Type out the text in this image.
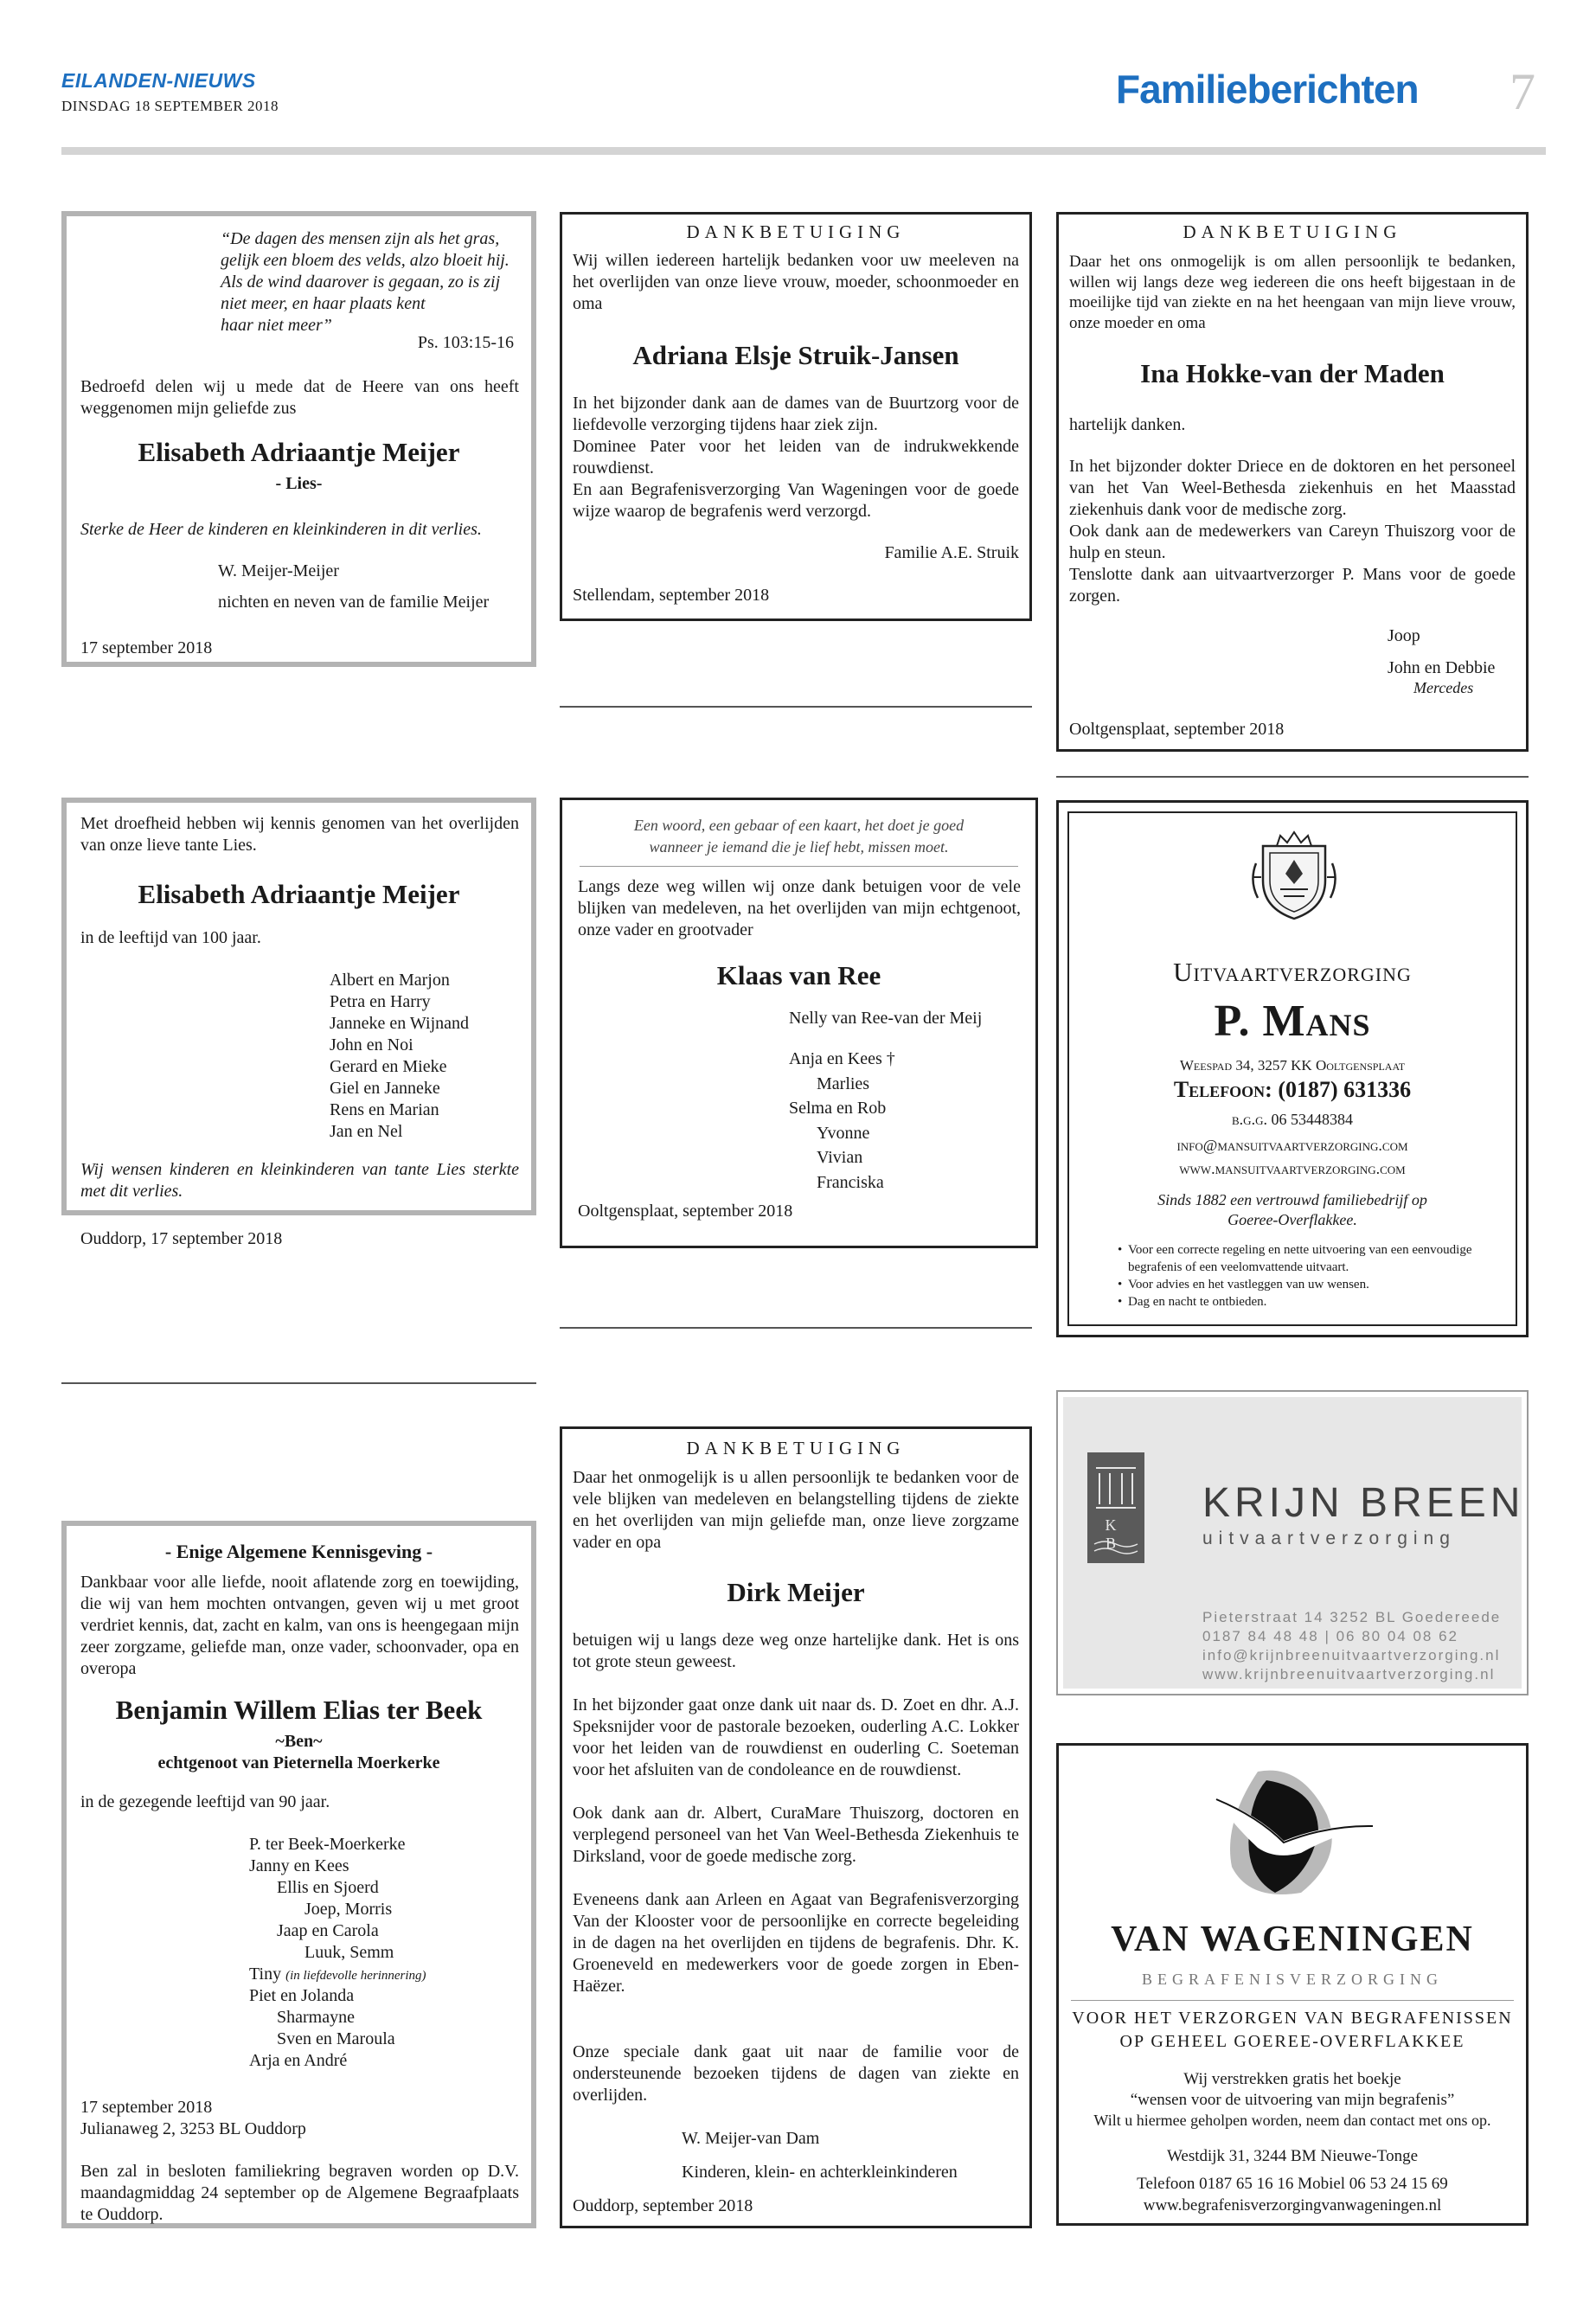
EILANDEN-NIEUWS
DINSDAG 18 SEPTEMBER 2018	Familieberichten 7
“De dagen des mensen zijn als het gras,
gelijk een bloem des velds, alzo bloeit hij.
Als de wind daarover is gegaan, zo is zij
niet meer, en haar plaats kent
haar niet meer”
Ps. 103:15-16
Bedroefd delen wij u mede dat de Heere van ons heeft weggenomen mijn geliefde zus
Elisabeth Adriaantje Meijer
- Lies-
Sterke de Heer de kinderen en kleinkinderen in dit verlies.
W. Meijer-Meijer
nichten en neven van de familie Meijer
17 september 2018
DANKBETUIGING
Wij willen iedereen hartelijk bedanken voor uw meeleven na het overlijden van onze lieve vrouw, moeder, schoonmoeder en oma
Adriana Elsje Struik-Jansen
In het bijzonder dank aan de dames van de Buurtzorg voor de liefdevolle verzorging tijdens haar ziek zijn.
Dominee Pater voor het leiden van de indrukwekkende rouwdienst.
En aan Begrafenisverzorging Van Wageningen voor de goede wijze waarop de begrafenis werd verzorgd.
Familie A.E. Struik
Stellendam, september 2018
DANKBETUIGING
Daar het ons onmogelijk is om allen persoonlijk te bedanken, willen wij langs deze weg iedereen die ons heeft bijgestaan in de moeilijke tijd van ziekte en na het heengaan van mijn lieve vrouw, onze moeder en oma
Ina Hokke-van der Maden
hartelijk danken.
In het bijzonder dokter Driece en de doktoren en het personeel van het Van Weel-Bethesda ziekenhuis en het Maasstad ziekenhuis dank voor de medische zorg.
Ook dank aan de medewerkers van Careyn Thuiszorg voor de hulp en steun.
Tenslotte dank aan uitvaartverzorger P. Mans voor de goede zorgen.
Joop
John en Debbie
Mercedes
Ooltgensplaat, september 2018
Met droefheid hebben wij kennis genomen van het overlijden van onze lieve tante Lies.
Elisabeth Adriaantje Meijer
in de leeftijd van 100 jaar.
Albert en Marjon
Petra en Harry
Janneke en Wijnand
John en Noi
Gerard en Mieke
Giel en Janneke
Rens en Marian
Jan en Nel
Wij wensen kinderen en kleinkinderen van tante Lies sterkte met dit verlies.
Ouddorp, 17 september 2018
Een woord, een gebaar of een kaart, het doet je goed
wanneer je iemand die je lief hebt, missen moet.
Langs deze weg willen wij onze dank betuigen voor de vele blijken van medeleven, na het overlijden van mijn echtgenoot, onze vader en grootvader
Klaas van Ree
Nelly van Ree-van der Meij
Anja en Kees †
Marlies
Selma en Rob
Yvonne
Vivian
Franciska
Ooltgensplaat, september 2018
Uitvaartverzorging
P. Mans
Weespad 34, 3257 KK Ooltgensplaat
Telefoon: (0187) 631336
b.g.g. 06 53448384
info@mansuitvaartverzorging.com
www.mansuitvaartverzorging.com
Sinds 1882 een vertrouwd familiebedrijf op
Goeree-Overflakkee.
• Voor een correcte regeling en nette uitvoering van een eenvoudige begrafenis of een veelomvattende uitvaart.
• Voor advies en het vastleggen van uw wensen.
• Dag en nacht te ontbieden.
- Enige Algemene Kennisgeving -
Dankbaar voor alle liefde, nooit aflatende zorg en toewijding, die wij van hem mochten ontvangen, geven wij u met groot verdriet kennis, dat, zacht en kalm, van ons is heengegaan mijn zeer zorgzame, geliefde man, onze vader, schoonvader, opa en overopa
Benjamin Willem Elias ter Beek
~Ben~
echtgenoot van Pieternella Moerkerke
in de gezegende leeftijd van 90 jaar.
P. ter Beek-Moerkerke
Janny en Kees
Ellis en Sjoerd
Joep, Morris
Jaap en Carola
Luuk, Semm
Tiny (in liefdevolle herinnering)
Piet en Jolanda
Sharmayne
Sven en Maroula
Arja en André
17 september 2018
Julianaweg 2, 3253 BL Ouddorp
Ben zal in besloten familiekring begraven worden op D.V. maandagmiddag 24 september op de Algemene Begraafplaats te Ouddorp.
DANKBETUIGING
Daar het onmogelijk is u allen persoonlijk te bedanken voor de vele blijken van medeleven en belangstelling tijdens de ziekte en het overlijden van mijn geliefde man, onze lieve zorgzame vader en opa
Dirk Meijer
betuigen wij u langs deze weg onze hartelijke dank. Het is ons tot grote steun geweest.
In het bijzonder gaat onze dank uit naar ds. D. Zoet en dhr. A.J. Speksnijder voor de pastorale bezoeken, ouderling A.C. Lokker voor het leiden van de rouwdienst en ouderling C. Soeteman voor het afsluiten van de condoleance en de rouwdienst.
Ook dank aan dr. Albert, CuraMare Thuiszorg, doctoren en verplegend personeel van het Van Weel-Bethesda Ziekenhuis te Dirksland, voor de goede medische zorg.
Eveneens dank aan Arleen en Agaat van Begrafenisverzorging Van der Klooster voor de persoonlijke en correcte begeleiding in de dagen na het overlijden en tijdens de begrafenis. Dhr. K. Groeneveld en medewerkers voor de goede zorgen in Eben-Haëzer.
Onze speciale dank gaat uit naar de familie voor de ondersteunende bezoeken tijdens de dagen van ziekte en overlijden.
W. Meijer-van Dam
Kinderen, klein- en achterkleinkinderen
Ouddorp, september 2018
K B
KRIJN BREEN
uitvaartverzorging
Pieterstraat 14 3252 BL Goedereede
0187 84 48 48 | 06 80 04 08 62
info@krijnbreenuitvaartverzorging.nl
www.krijnbreenuitvaartverzorging.nl
VAN WAGENINGEN
BEGRAFENISVERZORGING
VOOR HET VERZORGEN VAN BEGRAFENISSEN
OP GEHEEL GOEREE-OVERFLAKKEE
Wij verstrekken gratis het boekje
“wensen voor de uitvoering van mijn begrafenis”
Wilt u hiermee geholpen worden, neem dan contact met ons op.
Westdijk 31, 3244 BM Nieuwe-Tonge
Telefoon 0187 65 16 16 Mobiel 06 53 24 15 69
www.begrafenisverzorgingvanwageningen.nl
